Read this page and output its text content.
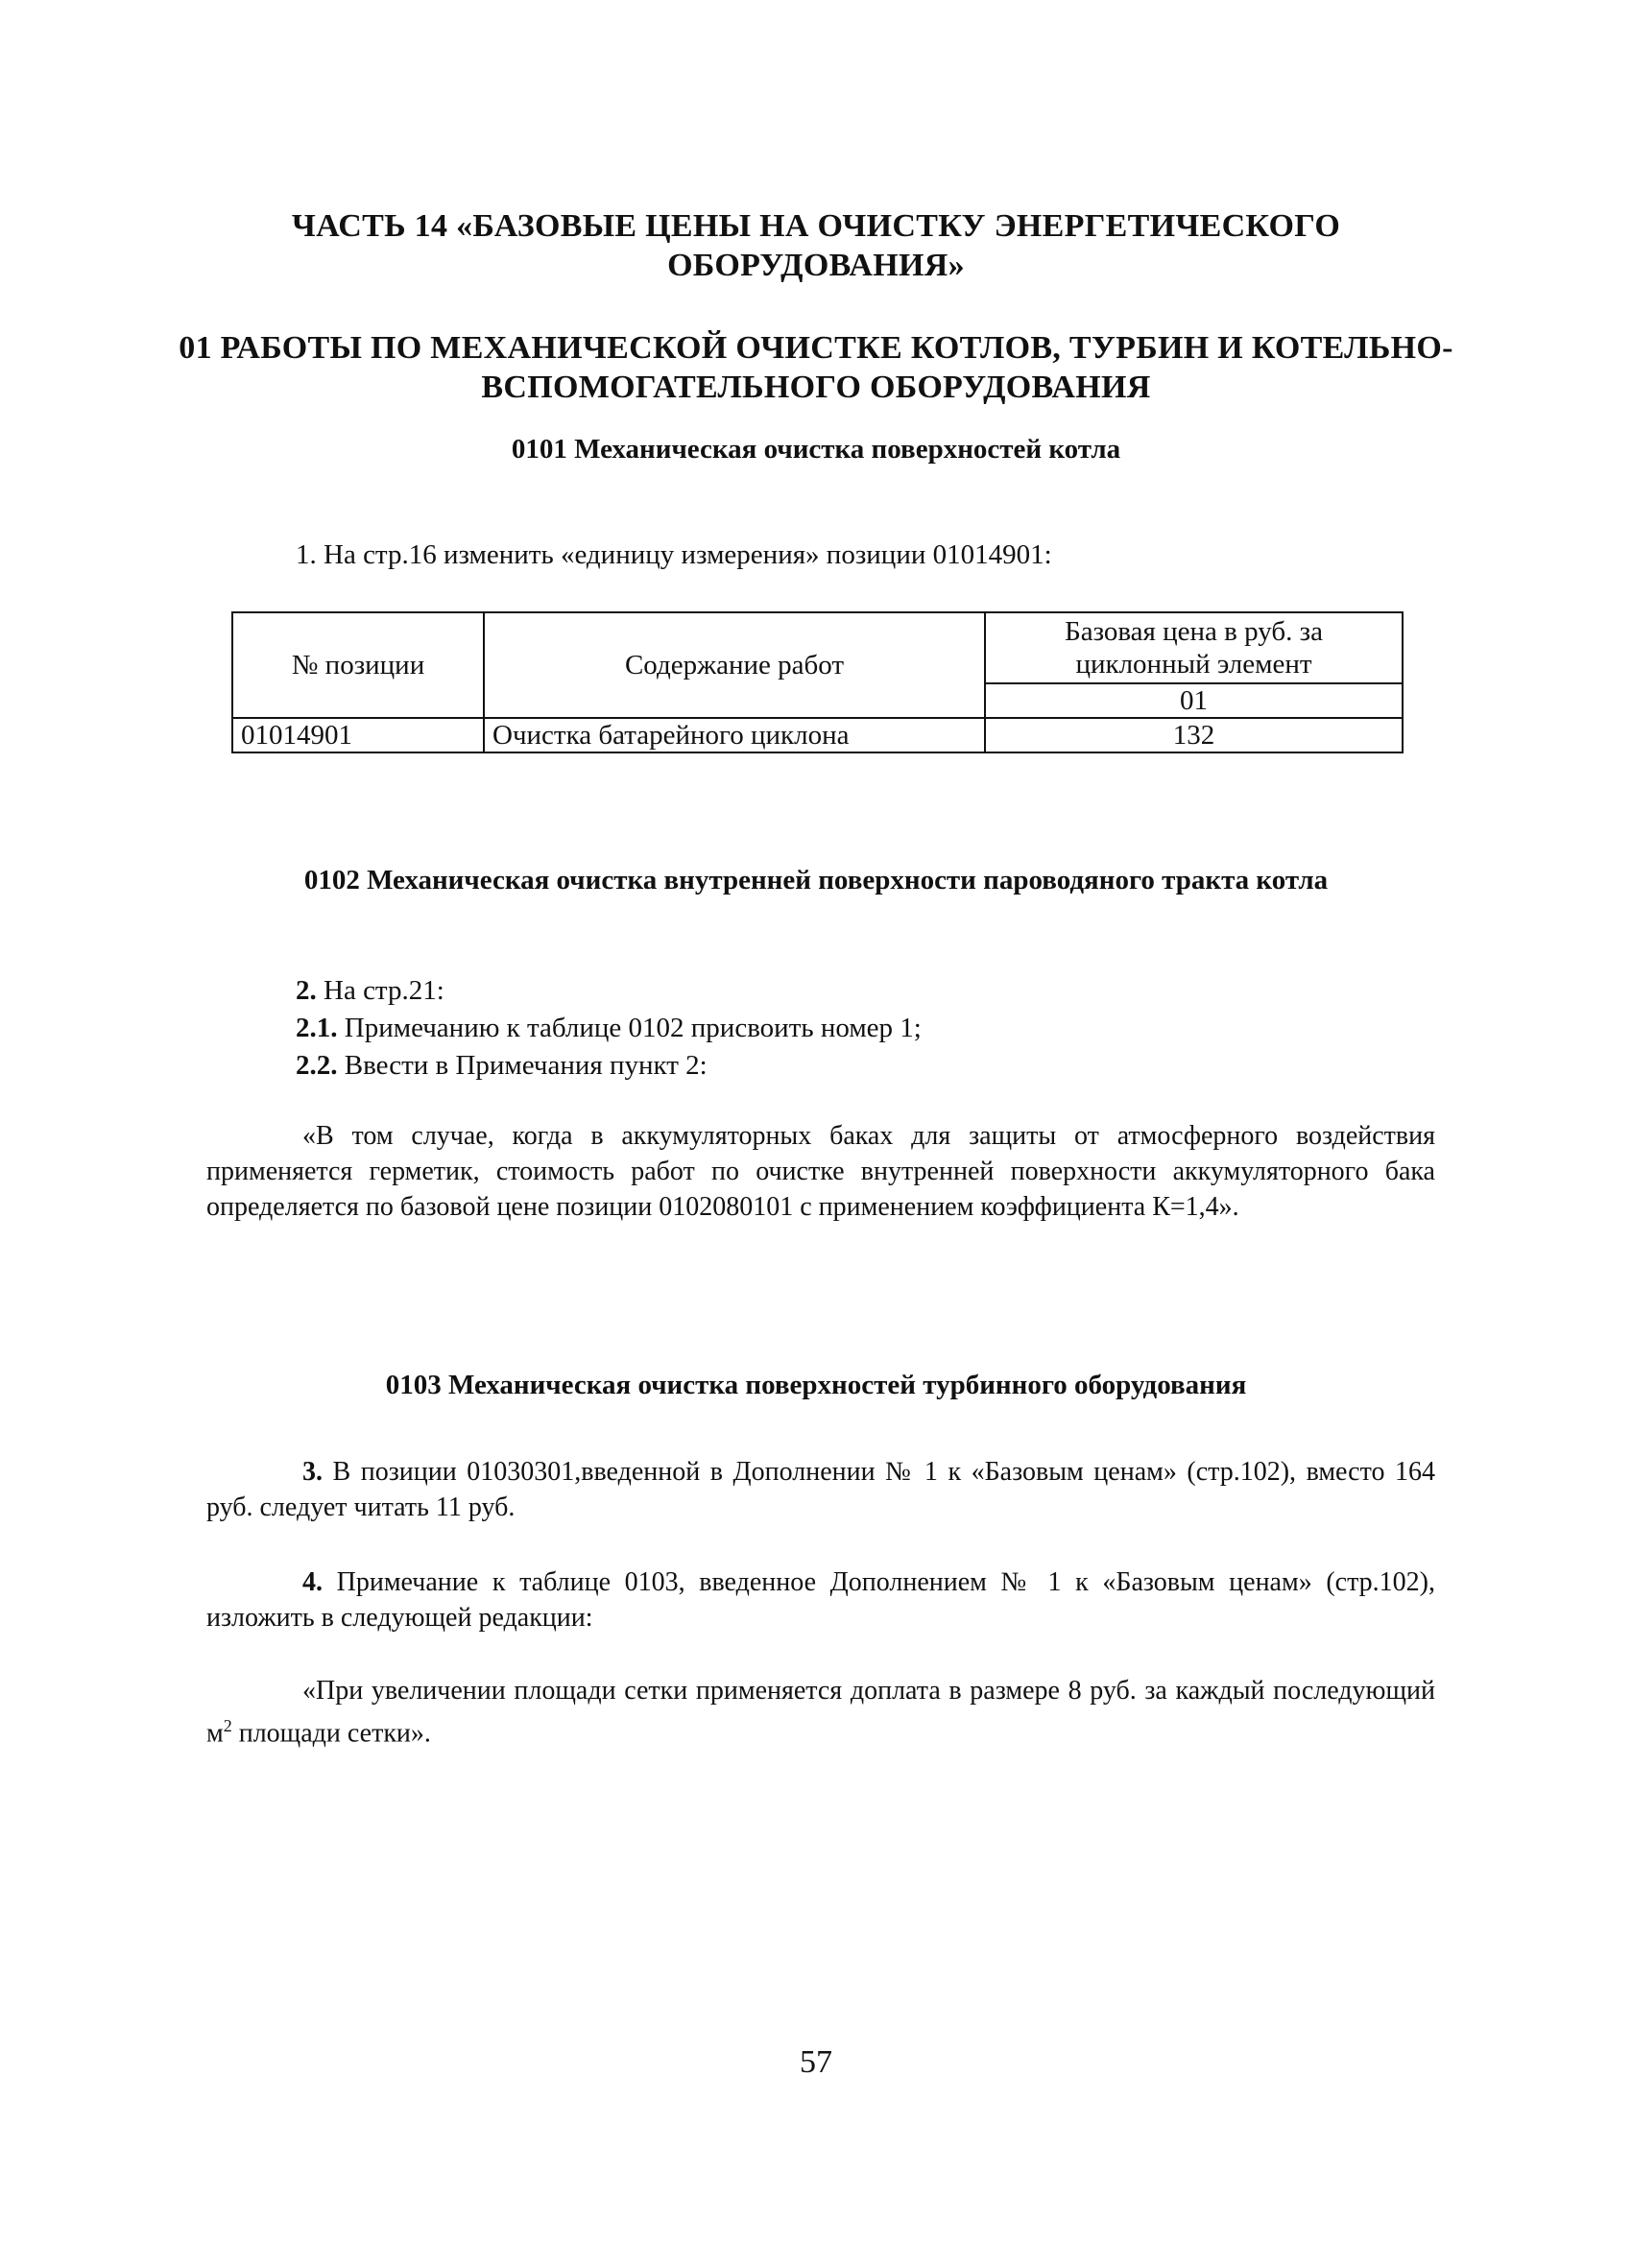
ЧАСТЬ 14 «БАЗОВЫЕ ЦЕНЫ НА ОЧИСТКУ ЭНЕРГЕТИЧЕСКОГО
ОБОРУДОВАНИЯ»
01 РАБОТЫ ПО МЕХАНИЧЕСКОЙ ОЧИСТКЕ КОТЛОВ, ТУРБИН И КОТЕЛЬНО-
ВСПОМОГАТЕЛЬНОГО ОБОРУДОВАНИЯ
0101 Механическая очистка поверхностей котла
1. На стр.16 изменить «единицу измерения» позиции 01014901:
№ позиции	Содержание работ	Базовая цена в руб. за
циклонный элемент
		01
01014901	Очистка батарейного циклона	132
0102 Механическая очистка внутренней поверхности пароводяного тракта котла
2. На стр.21:
2.1. Примечанию к таблице 0102 присвоить номер 1;
2.2. Ввести в Примечания пункт 2:
«В том случае, когда в аккумуляторных баках для защиты от атмосферного воздействия применяется герметик, стоимость работ по очистке внутренней поверхности аккумуляторного бака определяется по базовой цене позиции 0102080101 с применением коэффициента К=1,4».
0103 Механическая очистка поверхностей турбинного оборудования
3. В позиции 01030301,введенной в Дополнении № 1 к «Базовым ценам» (стр.102), вместо 164 руб. следует читать 11 руб.
4. Примечание к таблице 0103, введенное Дополнением № 1 к «Базовым ценам» (стр.102), изложить в следующей редакции:
«При увеличении площади сетки применяется доплата в размере 8 руб. за каждый последующий $м^2$ площади сетки».
57
